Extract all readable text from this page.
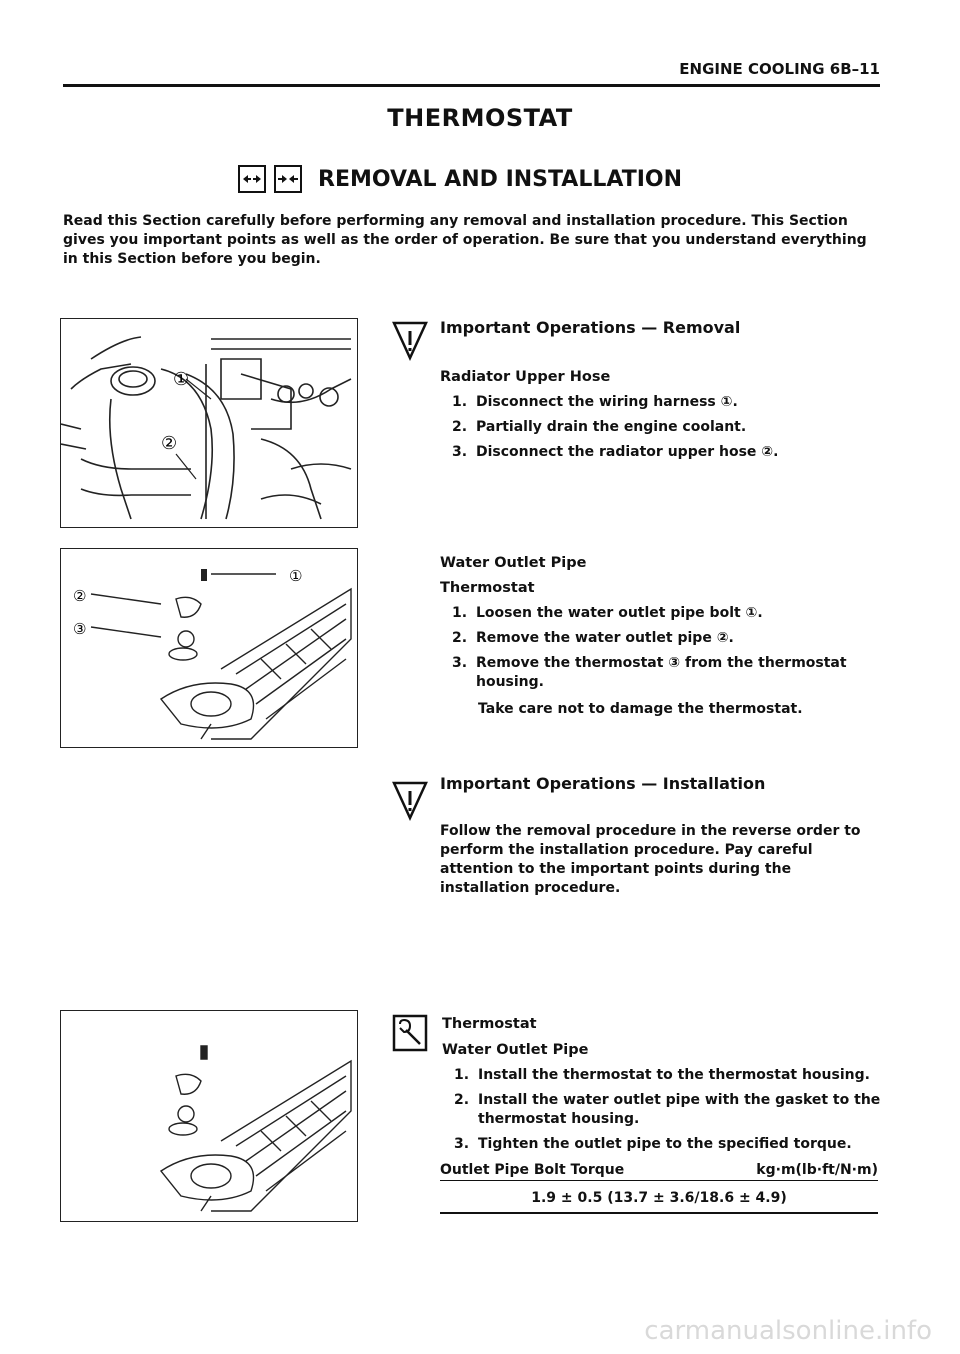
ENGINE COOLING 6B–11
THERMOSTAT
REMOVAL AND INSTALLATION
Read this Section carefully before performing any removal and installation procedure. This Section gives you important points as well as the order of operation. Be sure that you understand everything in this Section before you begin.
①
②
①
②
③
Important Operations — Removal
Radiator Upper Hose
1. Disconnect the wiring harness ①.
2. Partially drain the engine coolant.
3. Disconnect the radiator upper hose ②.
Water Outlet Pipe
Thermostat
1. Loosen the water outlet pipe bolt ①.
2. Remove the water outlet pipe ②.
3. Remove the thermostat ③ from the thermostat housing.
Take care not to damage the thermostat.
Important Operations — Installation
Follow the removal procedure in the reverse order to perform the installation procedure. Pay careful attention to the important points during the installation procedure.
Thermostat
Water Outlet Pipe
1. Install the thermostat to the thermostat housing.
2. Install the water outlet pipe with the gasket to the thermostat housing.
3. Tighten the outlet pipe to the specified torque.
Outlet Pipe Bolt Torque	kg·m(lb·ft/N·m)
1.9 ± 0.5 (13.7 ± 3.6/18.6 ± 4.9)
carmanualsonline.info
